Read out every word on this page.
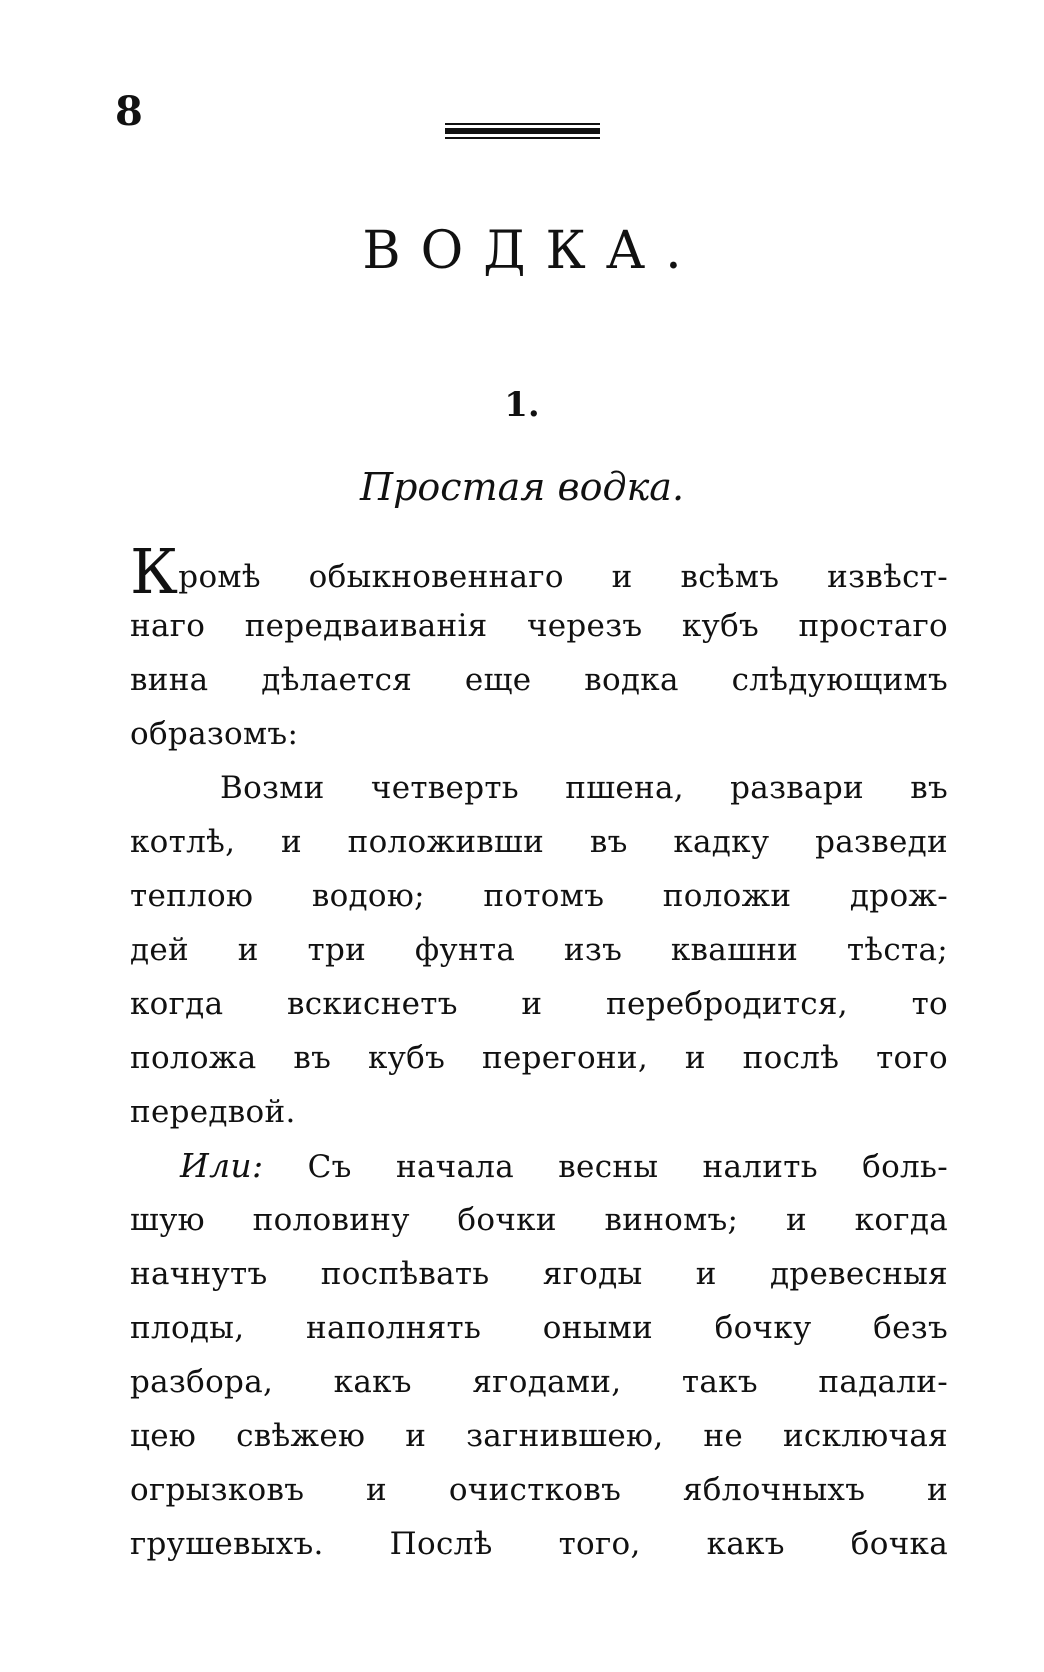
8
ВОДКА.
1.
Простая водка.
Кромѣ обыкновеннаго и всѣмъ извѣст-
наго передваиванія черезъ кубъ простаго
вина дѣлается еще водка слѣдующимъ
образомъ:
Возми четверть пшена, развари въ
котлѣ, и положивши въ кадку разведи
теплою водою; потомъ положи дрож-
дей и три фунта изъ квашни тѣста;
когда вскиснетъ и перебродится, то
положа въ кубъ перегони, и послѣ того
передвой.
Или: Съ начала весны налить боль-
шую половину бочки виномъ; и когда
начнутъ поспѣвать ягоды и древесныя
плоды, наполнять оными бочку безъ
разбора, какъ ягодами, такъ падали-
цею свѣжею и загнившею, не исключая
огрызковъ и очистковъ яблочныхъ и
грушевыхъ. Послѣ того, какъ бочка
